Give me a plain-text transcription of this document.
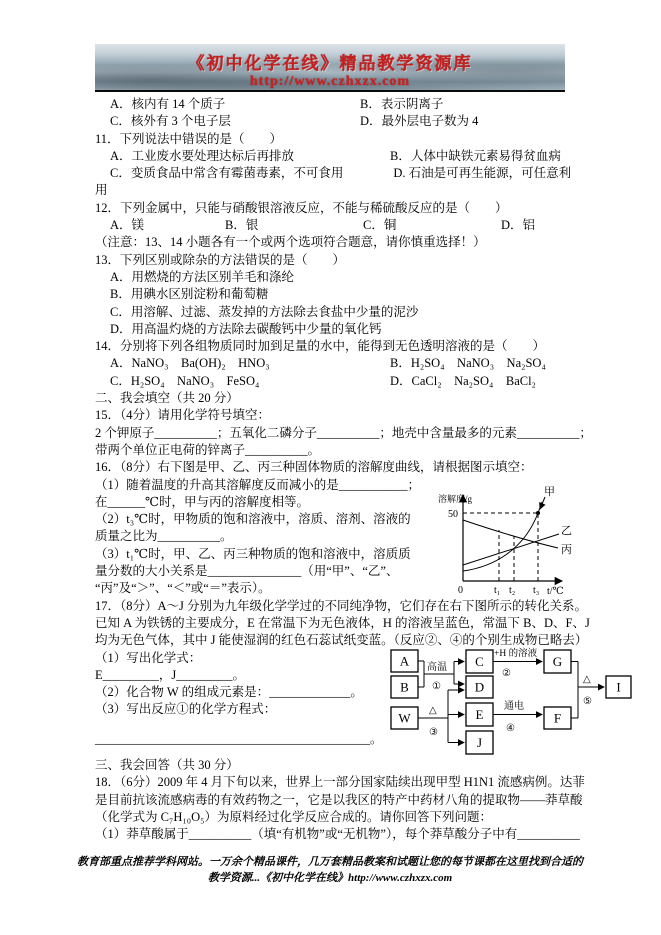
《初中化学在线》精品教学资源库
http://www.czhxzx.com
A．核内有 14 个质子	B．表示阴离子
C．核外有 3 个电子层	D．最外层电子数为 4
11．下列说法中错误的是（　　）
A．工业废水要处理达标后再排放	B．人体中缺铁元素易得贫血病
C．变质食品中常含有霉菌毒素，不可食用　　　　D. 石油是可再生能源，可任意利
用
12．下列金属中，只能与硝酸银溶液反应，不能与稀硫酸反应的是（　　）
A．镁	B．银	C．铜	D．铝
（注意：13、14 小题各有一个或两个选项符合题意，请你慎重选择！）
13．下列区别或除杂的方法错误的是（　　）
A．用燃烧的方法区别羊毛和涤纶
B．用碘水区别淀粉和葡萄糖
C．用溶解、过滤、蒸发掉的方法除去食盐中少量的泥沙
D．用高温灼烧的方法除去碳酸钙中少量的氧化钙
14．分别将下列各组物质同时加到足量的水中，能得到无色透明溶液的是（　　）
A．NaNO₃　Ba(OH)₂　HNO₃	B．H₂SO₄　NaNO₃　Na₂SO₄
C．H₂SO₄　NaNO₃　FeSO₄	D．CaCl₂　Na₂SO₄　BaCl₂
二、我会填空（共 20 分）
15．（4分）请用化学符号填空：
2 个钾原子__________；五氧化二磷分子__________；地壳中含量最多的元素__________；
带两个单位正电荷的锌离子__________。
16．（8分）右下图是甲、乙、丙三种固体物质的溶解度曲线，请根据图示填空：
（1）随着温度的升高其溶解度反而减小的是___________；
在______℃时，甲与丙的溶解度相等。
（2）t₃℃时，甲物质的饱和溶液中，溶质、溶剂、溶液的
质量之比为__________。
（3）t₁℃时，甲、乙、丙三种物质的饱和溶液中，溶质质
量分数的大小关系是_______________（用“甲”、“乙”、
“丙”及“＞”、“＜”或“＝”表示）。
17．（8分）A～J 分别为九年级化学学过的不同纯净物，它们存在右下图所示的转化关系。
已知 A 为铁锈的主要成分，E 在常温下为无色液体，H 的溶液呈蓝色，常温下 B、D、F、J
均为无色气体，其中 J 能使湿润的红色石蕊试纸变蓝。（反应②、④的个别生成物已略去）
（1）写出化学式：
E_________，J_________。
（2）化合物 W 的组成元素是：_____________。
（3）写出反应①的化学方程式：
____________________________________________。
三、我会回答（共 30 分）
18．（6分）2009 年 4 月下旬以来，世界上一部分国家陆续出现甲型 H1N1 流感病例。达菲
是目前抗该流感病毒的有效药物之一，它是以我区的特产中药材八角的提取物——莽草酸
（化学式为 C₇H₁₀O₅）为原料经过化学反应合成的。请你回答下列问题：
（1）莽草酸属于__________（填“有机物”或“无机物”），每个莽草酸分子中有__________
溶解度/g
50
甲
乙
丙
0	t₁ t₂ t₃ t/℃
A
B
C
D
W	E
J
G
F
I
高温
①
△
③
+H 的溶液
②
通电
④
△
⑤
教育部重点推荐学科网站。一万余个精品课件，几万套精品教案和试题让您的每节课都在这里找到合适的
教学资源...《初中化学在线》http://www.czhxzx.com
